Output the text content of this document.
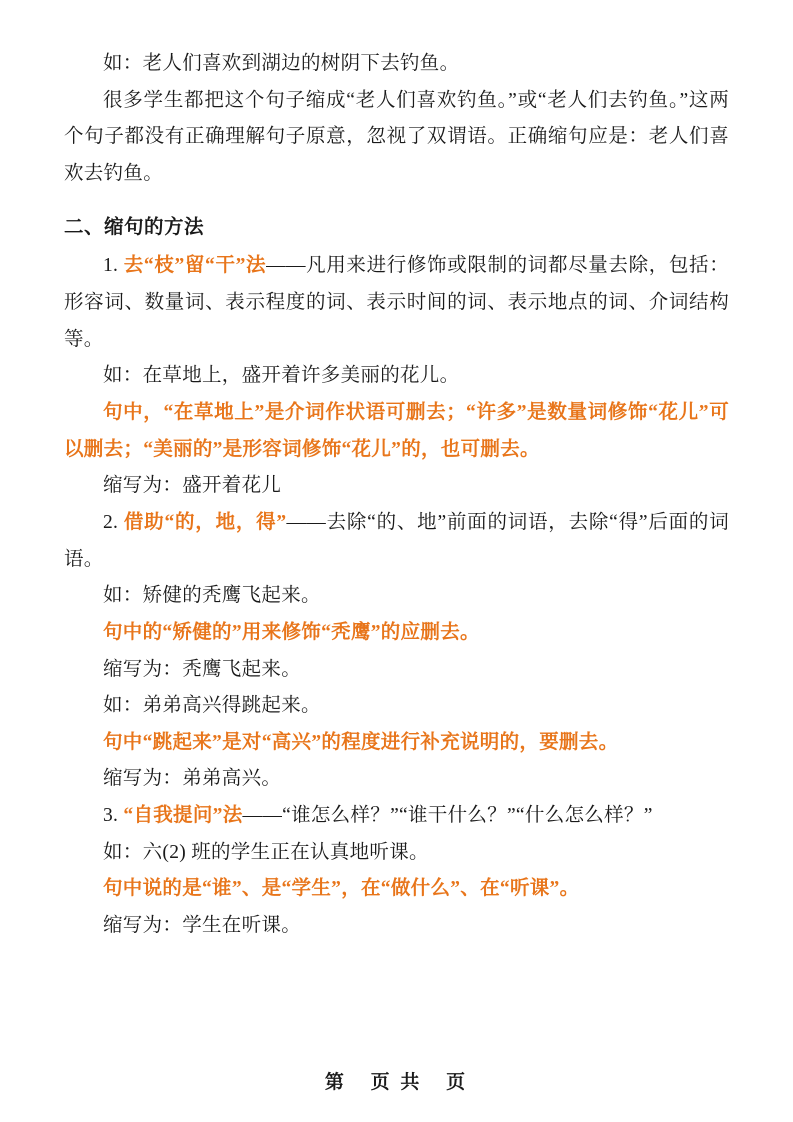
如：老人们喜欢到湖边的树阴下去钓鱼。

很多学生都把这个句子缩成“老人们喜欢钓鱼。”或“老人们去钓鱼。”这两个句子都没有正确理解句子原意，忽视了双谓语。正确缩句应是：老人们喜欢去钓鱼。

二、缩句的方法

1. 去“枝”留“干”法——凡用来进行修饰或限制的词都尽量去除，包括：形容词、数量词、表示程度的词、表示时间的词、表示地点的词、介词结构等。

如：在草地上，盛开着许多美丽的花儿。

句中，“在草地上”是介词作状语可删去；“许多”是数量词修饰“花儿”可以删去；“美丽的”是形容词修饰“花儿”的，也可删去。

缩写为：盛开着花儿

2. 借助“的，地，得”——去除“的、地”前面的词语，去除“得”后面的词语。

如：矫健的秃鹰飞起来。

句中的“矫健的”用来修饰“秃鹰”的应删去。

缩写为：秃鹰飞起来。

如：弟弟高兴得跳起来。

句中“跳起来”是对“高兴”的程度进行补充说明的，要删去。

缩写为：弟弟高兴。

3. “自我提问”法——“谁怎么样？”“谁干什么？”“什么怎么样？”

如：六(2) 班的学生正在认真地听课。

句中说的是“谁”、是“学生”，在“做什么”、在“听课”。

缩写为：学生在听课。

第 页 共 页
